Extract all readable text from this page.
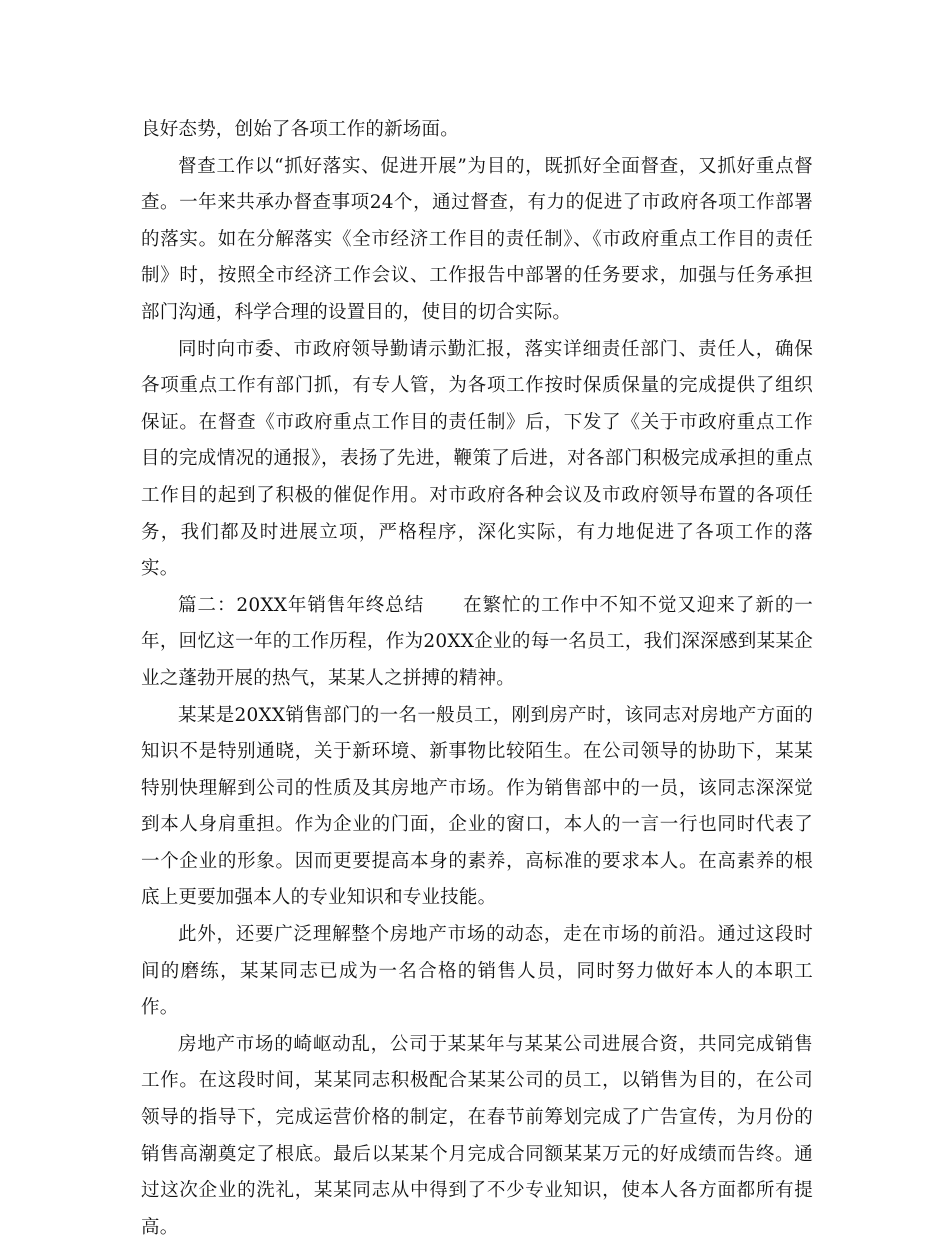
良好态势，创始了各项工作的新场面。

督查工作以“抓好落实、促进开展”为目的，既抓好全面督查，又抓好重点督查。一年来共承办督查事项24个，通过督查，有力的促进了市政府各项工作部署的落实。如在分解落实《全市经济工作目的责任制》、《市政府重点工作目的责任制》时，按照全市经济工作会议、工作报告中部署的任务要求，加强与任务承担部门沟通，科学合理的设置目的，使目的切合实际。

同时向市委、市政府领导勤请示勤汇报，落实详细责任部门、责任人，确保各项重点工作有部门抓，有专人管，为各项工作按时保质保量的完成提供了组织保证。在督查《市政府重点工作目的责任制》后，下发了《关于市政府重点工作目的完成情况的通报》，表扬了先进，鞭策了后进，对各部门积极完成承担的重点工作目的起到了积极的催促作用。对市政府各种会议及市政府领导布置的各项任务，我们都及时进展立项，严格程序，深化实际，有力地促进了各项工作的落实。

篇二：20XX年销售年终总结　　在繁忙的工作中不知不觉又迎来了新的一年，回忆这一年的工作历程，作为20XX企业的每一名员工，我们深深感到某某企业之蓬勃开展的热气，某某人之拼搏的精神。

某某是20XX销售部门的一名一般员工，刚到房产时，该同志对房地产方面的知识不是特别通晓，关于新环境、新事物比较陌生。在公司领导的协助下，某某特别快理解到公司的性质及其房地产市场。作为销售部中的一员，该同志深深觉到本人身肩重担。作为企业的门面，企业的窗口，本人的一言一行也同时代表了一个企业的形象。因而更要提高本身的素养，高标准的要求本人。在高素养的根底上更要加强本人的专业知识和专业技能。

此外，还要广泛理解整个房地产市场的动态，走在市场的前沿。通过这段时间的磨练，某某同志已成为一名合格的销售人员，同时努力做好本人的本职工作。

房地产市场的崎岖动乱，公司于某某年与某某公司进展合资，共同完成销售工作。在这段时间，某某同志积极配合某某公司的员工，以销售为目的，在公司领导的指导下，完成运营价格的制定，在春节前筹划完成了广告宣传，为月份的销售高潮奠定了根底。最后以某某个月完成合同额某某万元的好成绩而告终。通过这次企业的洗礼，某某同志从中得到了不少专业知识，使本人各方面都所有提高。
